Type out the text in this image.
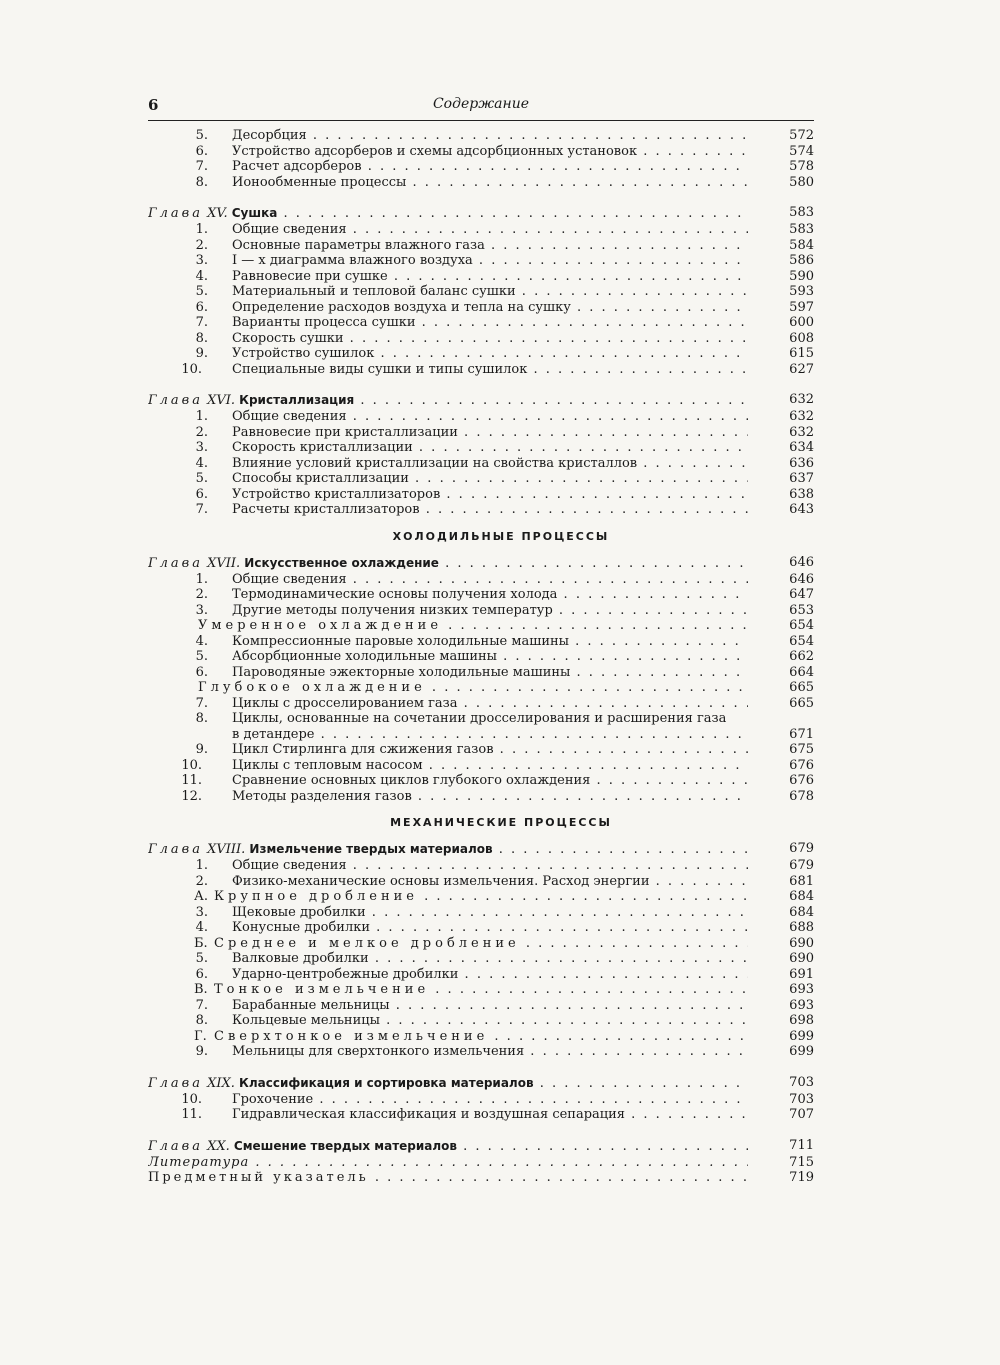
6	Содержание
5. Десорбция . . .	572
6. Устройство адсорберов и схемы адсорбционных установок . . .	574
7. Расчет адсорберов . . .	578
8. Ионообменные процессы . . .	580
Глава XV. Сушка . . .	583
1. Общие сведения . . .	583
2. Основные параметры влажного газа . . .	584
3. I — x диаграмма влажного воздуха . . .	586
4. Равновесие при сушке . . .	590
5. Материальный и тепловой баланс сушки . . .	593
6. Определение расходов воздуха и тепла на сушку . . .	597
7. Варианты процесса сушки . . .	600
8. Скорость сушки . . .	608
9. Устройство сушилок . . .	615
10. Специальные виды сушки и типы сушилок . . .	627
Глава XVI. Кристаллизация . . .	632
1. Общие сведения . . .	632
2. Равновесие при кристаллизации . . .	632
3. Скорость кристаллизации . . .	634
4. Влияние условий кристаллизации на свойства кристаллов . . .	636
5. Способы кристаллизации . . .	637
6. Устройство кристаллизаторов . . .	638
7. Расчеты кристаллизаторов . . .	643
ХОЛОДИЛЬНЫЕ ПРОЦЕССЫ
Глава XVII. Искусственное охлаждение . . .	646
1. Общие сведения . . .	646
2. Термодинамические основы получения холода . . .	647
3. Другие методы получения низких температур . . .	653
Умеренное охлаждение . . .	654
4. Компрессионные паровые холодильные машины . . .	654
5. Абсорбционные холодильные машины . . .	662
6. Пароводяные эжекторные холодильные машины . . .	664
Глубокое охлаждение . . .	665
7. Циклы с дросселированием газа . . .	665
8. Циклы, основанные на сочетании дросселирования и расширения газа
в детандере . . .	671
9. Цикл Стирлинга для сжижения газов . . .	675
10. Циклы с тепловым насосом . . .	676
11. Сравнение основных циклов глубокого охлаждения . . .	676
12. Методы разделения газов . . .	678
МЕХАНИЧЕСКИЕ ПРОЦЕССЫ
Глава XVIII. Измельчение твердых материалов . . .	679
1. Общие сведения . . .	679
2. Физико-механические основы измельчения. Расход энергии . . .	681
А. Крупное дробление . . .	684
3. Щековые дробилки . . .	684
4. Конусные дробилки . . .	688
Б. Среднее и мелкое дробление . . .	690
5. Валковые дробилки . . .	690
6. Ударно-центробежные дробилки . . .	691
В. Тонкое измельчение . . .	693
7. Барабанные мельницы . . .	693
8. Кольцевые мельницы . . .	698
Г. Сверхтонкое измельчение . . .	699
9. Мельницы для сверхтонкого измельчения . . .	699
Глава XIX. Классификация и сортировка материалов . . .	703
10. Грохочение . . .	703
11. Гидравлическая классификация и воздушная сепарация . . .	707
Глава XX. Смешение твердых материалов . . .	711
Литература . . .	715
Предметный указатель . . .	719
